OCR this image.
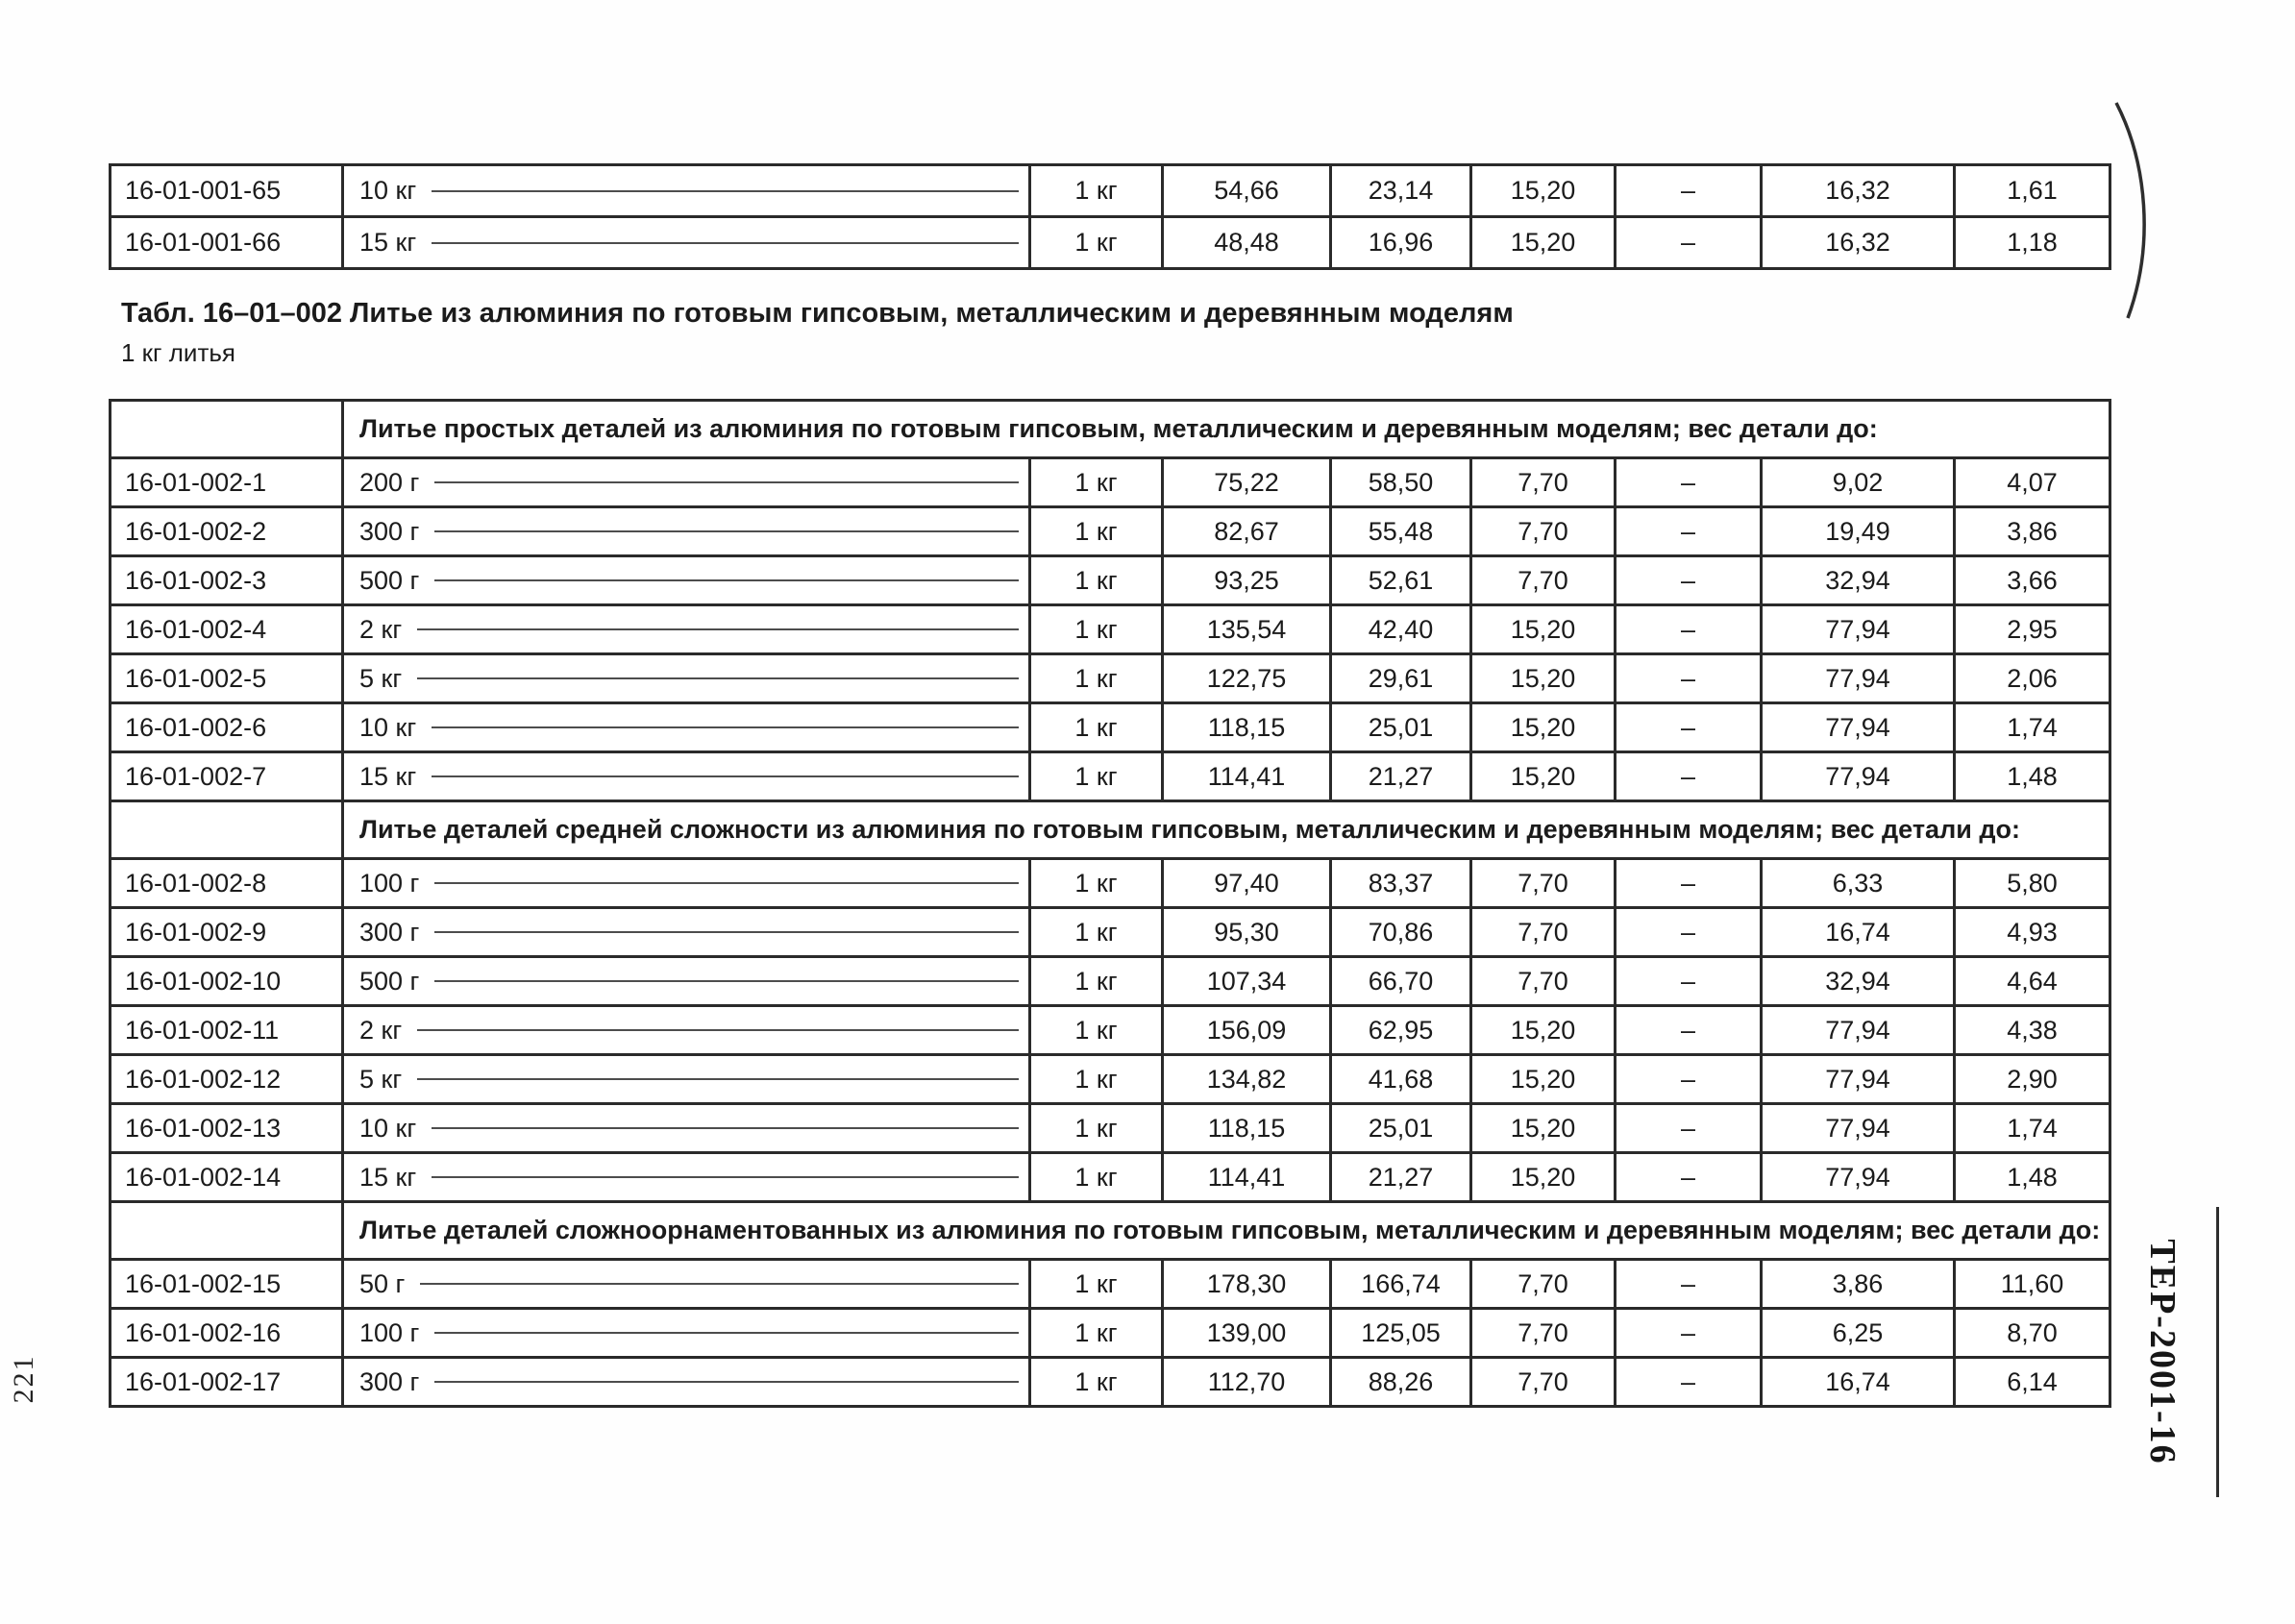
16-01-001-65	10 кг	1 кг	54,66	23,14	15,20	–	16,32	1,61
16-01-001-66	15 кг	1 кг	48,48	16,96	15,20	–	16,32	1,18
Табл. 16–01–002 Литье из алюминия по готовым гипсовым, металлическим и деревянным моделям
1 кг литья
	Литье простых деталей из алюминия по готовым гипсовым, металлическим и деревянным моделям; вес детали до:							
16-01-002-1	200 г	1 кг	75,22	58,50	7,70	–	9,02	4,07
16-01-002-2	300 г	1 кг	82,67	55,48	7,70	–	19,49	3,86
16-01-002-3	500 г	1 кг	93,25	52,61	7,70	–	32,94	3,66
16-01-002-4	2 кг	1 кг	135,54	42,40	15,20	–	77,94	2,95
16-01-002-5	5 кг	1 кг	122,75	29,61	15,20	–	77,94	2,06
16-01-002-6	10 кг	1 кг	118,15	25,01	15,20	–	77,94	1,74
16-01-002-7	15 кг	1 кг	114,41	21,27	15,20	–	77,94	1,48
	Литье деталей средней сложности из алюминия по готовым гипсовым, металлическим и деревянным моделям; вес детали до:							
16-01-002-8	100 г	1 кг	97,40	83,37	7,70	–	6,33	5,80
16-01-002-9	300 г	1 кг	95,30	70,86	7,70	–	16,74	4,93
16-01-002-10	500 г	1 кг	107,34	66,70	7,70	–	32,94	4,64
16-01-002-11	2 кг	1 кг	156,09	62,95	15,20	–	77,94	4,38
16-01-002-12	5 кг	1 кг	134,82	41,68	15,20	–	77,94	2,90
16-01-002-13	10 кг	1 кг	118,15	25,01	15,20	–	77,94	1,74
16-01-002-14	15 кг	1 кг	114,41	21,27	15,20	–	77,94	1,48
	Литье деталей сложноорнаментованных из алюминия по готовым гипсовым, металлическим и деревянным моделям; вес детали до:							
16-01-002-15	50 г	1 кг	178,30	166,74	7,70	–	3,86	11,60
16-01-002-16	100 г	1 кг	139,00	125,05	7,70	–	6,25	8,70
16-01-002-17	300 г	1 кг	112,70	88,26	7,70	–	16,74	6,14
221	ТЕР-2001-16
